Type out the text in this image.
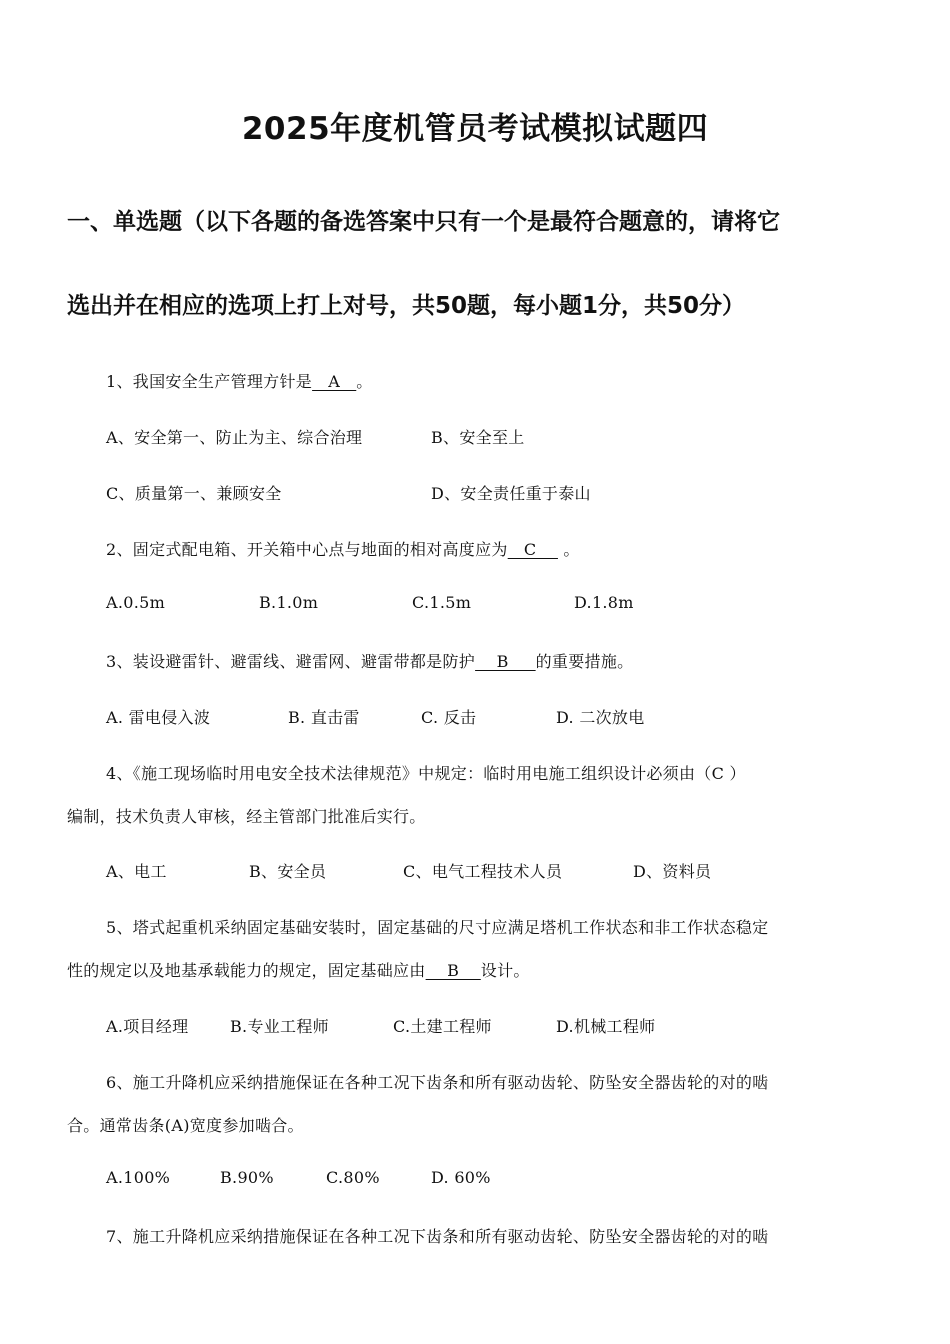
2025年度机管员考试模拟试题四
一、单选题（以下各题的备选答案中只有一个是最符合题意的，请将它
选出并在相应的选项上打上对号，共50题，每小题1分，共50分）
1、我国安全生产管理方针是   A   。
A、安全第一、防止为主、综合治理	B、安全至上
C、质量第一、兼顾安全	D、安全责任重于泰山
2、固定式配电箱、开关箱中心点与地面的相对高度应为   C     。
A.0.5m	B.1.0m	C.1.5m	D.1.8m
3、装设避雷针、避雷线、避雷网、避雷带都是防护    B     的重要措施。
A. 雷电侵入波	B. 直击雷	C. 反击	D. 二次放电
4、《施工现场临时用电安全技术法律规范》中规定：临时用电施工组织设计必须由（C ）
编制，技术负责人审核，经主管部门批准后实行。
A、电工	B、安全员	C、电气工程技术人员	D、资料员
5、塔式起重机采纳固定基础安装时，固定基础的尺寸应满足塔机工作状态和非工作状态稳定
性的规定以及地基承载能力的规定，固定基础应由    B    设计。
A.项目经理	B.专业工程师	C.土建工程师	D.机械工程师
6、施工升降机应采纳措施保证在各种工况下齿条和所有驱动齿轮、防坠安全器齿轮的对的啮
合。通常齿条(A)宽度参加啮合。
A.100%	B.90%	C.80%	D. 60%
7、施工升降机应采纳措施保证在各种工况下齿条和所有驱动齿轮、防坠安全器齿轮的对的啮
